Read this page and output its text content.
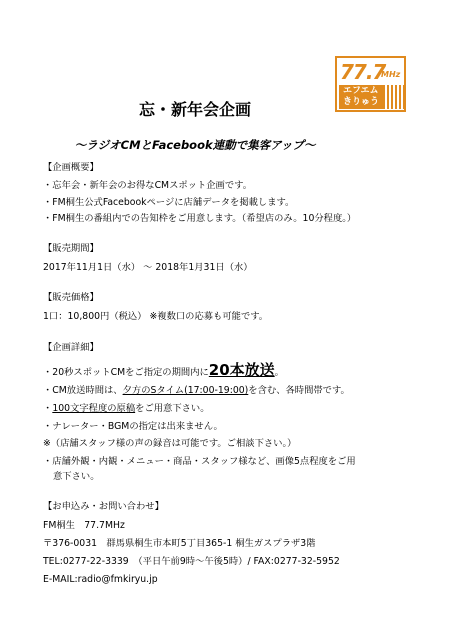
77.7
MHz
エフエム
きりゅう
忘・新年会企画
～ラジオCMとFacebook連動で集客アップ～
【企画概要】
・忘年会・新年会のお得なCMスポット企画です。
・FM桐生公式Facebookページに店舗データを掲載します。
・FM桐生の番組内での告知枠をご用意します。（希望店のみ。10分程度。）
【販売期間】
2017年11月1日（水） ～ 2018年1月31日（水）
【販売価格】
1口：10,800円（税込） ※複数口の応募も可能です。
【企画詳細】
・20秒スポットCMをご指定の期間内に20本放送。
・CM放送時間は、夕方のSタイム(17:00-19:00)を含む、各時間帯です。
・100文字程度の原稿をご用意下さい。
・ナレーター・BGMの指定は出来ません。
※（店舗スタッフ様の声の録音は可能です。ご相談下さい。）
・店舗外観・内観・メニュー・商品・スタッフ様など、画像5点程度をご用
意下さい。
【お申込み・お問い合わせ】
FM桐生　77.7MHz
〒376-0031　群馬県桐生市本町5丁目365-1 桐生ガスプラザ3階
TEL:0277-22-3339　（平日午前9時～午後5時）/ FAX:0277-32-5952
E-MAIL:radio@fmkiryu.jp
